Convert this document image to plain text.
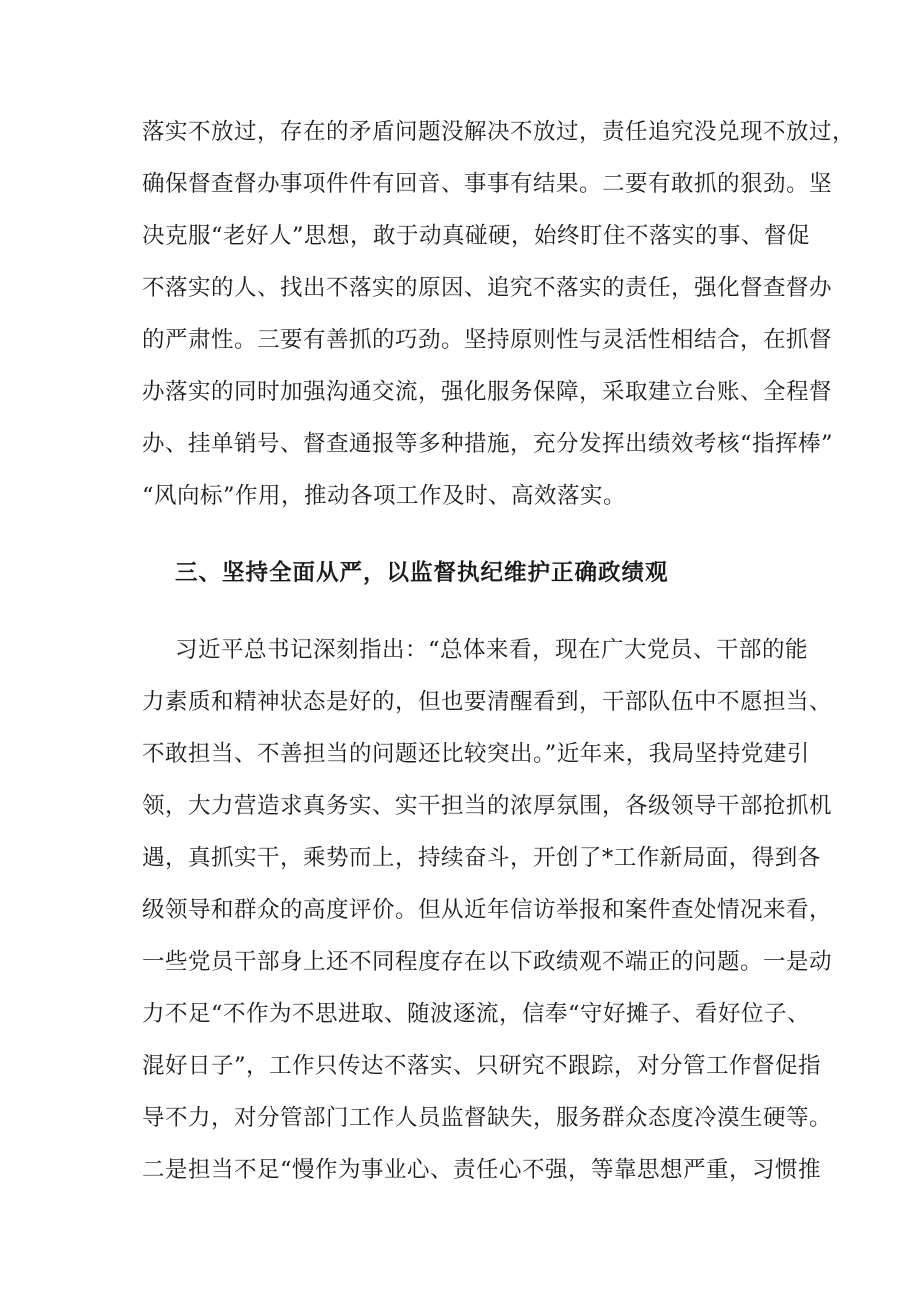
落实不放过，存在的矛盾问题没解决不放过，责任追究没兑现不放过，
确保督查督办事项件件有回音、事事有结果。二要有敢抓的狠劲。坚
决克服“老好人”思想，敢于动真碰硬，始终盯住不落实的事、督促
不落实的人、找出不落实的原因、追究不落实的责任，强化督查督办
的严肃性。三要有善抓的巧劲。坚持原则性与灵活性相结合，在抓督
办落实的同时加强沟通交流，强化服务保障，采取建立台账、全程督
办、挂单销号、督查通报等多种措施，充分发挥出绩效考核“指挥棒”
“风向标”作用，推动各项工作及时、高效落实。
三、坚持全面从严，以监督执纪维护正确政绩观
习近平总书记深刻指出：“总体来看，现在广大党员、干部的能
力素质和精神状态是好的，但也要清醒看到，干部队伍中不愿担当、
不敢担当、不善担当的问题还比较突出。”近年来，我局坚持党建引
领，大力营造求真务实、实干担当的浓厚氛围，各级领导干部抢抓机
遇，真抓实干，乘势而上，持续奋斗，开创了*工作新局面，得到各
级领导和群众的高度评价。但从近年信访举报和案件查处情况来看，
一些党员干部身上还不同程度存在以下政绩观不端正的问题。一是动
力不足“不作为不思进取、随波逐流，信奉“守好摊子、看好位子、
混好日子”，工作只传达不落实、只研究不跟踪，对分管工作督促指
导不力，对分管部门工作人员监督缺失，服务群众态度冷漠生硬等。
二是担当不足“慢作为事业心、责任心不强，等靠思想严重，习惯推
